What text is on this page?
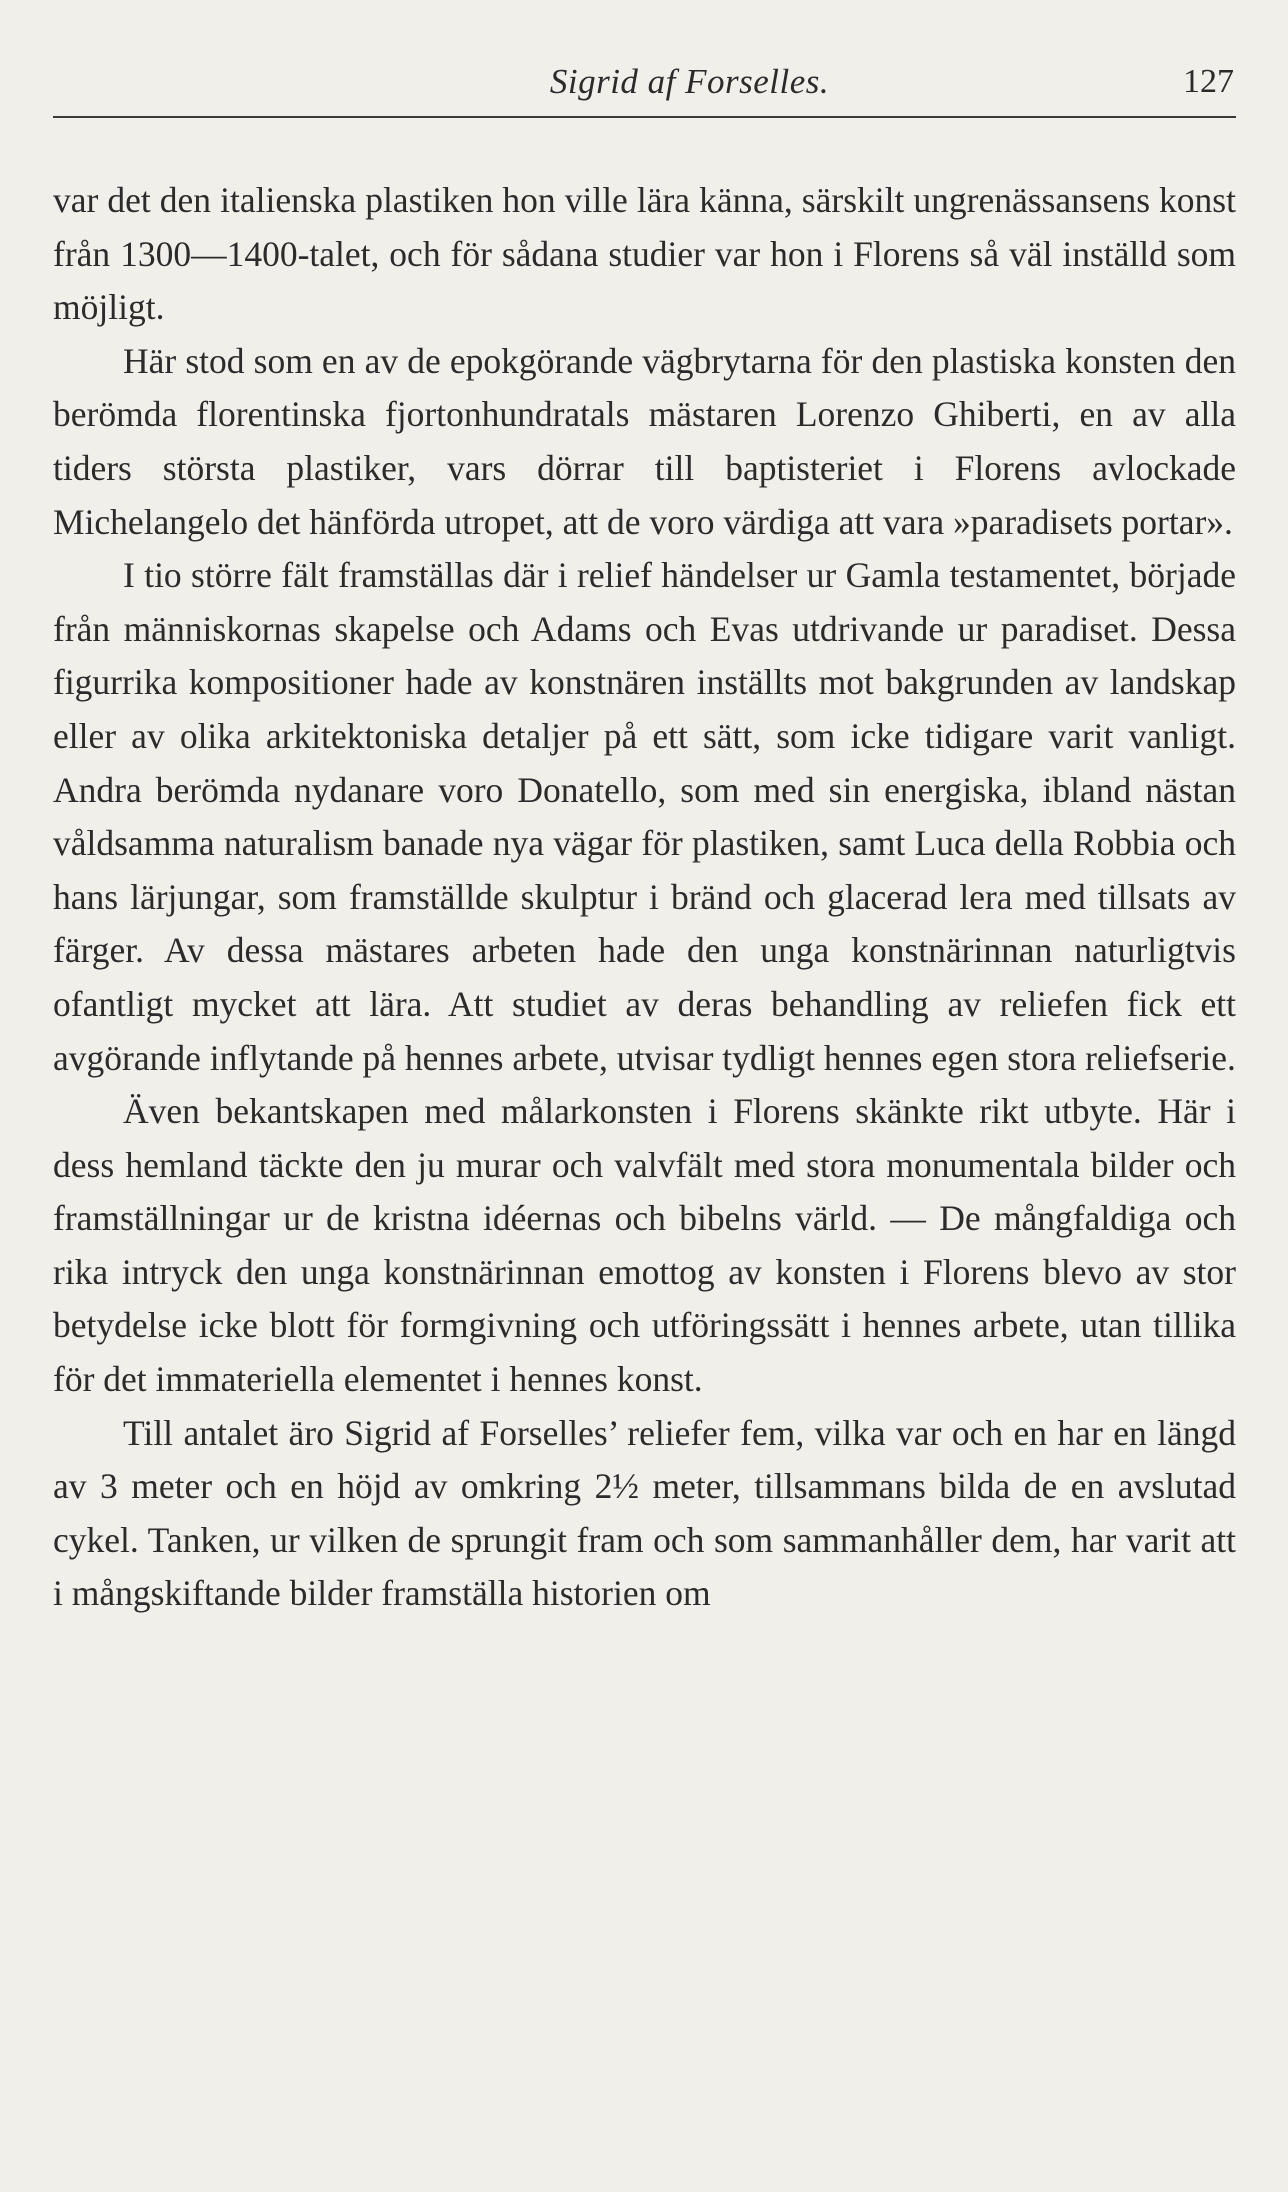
Sigrid af Forselles.	127

var det den italienska plastiken hon ville lära känna, särskilt ungrenässansens konst från 1300—1400-talet, och för sådana studier var hon i Florens så väl inställd som möjligt.

Här stod som en av de epokgörande vägbrytarna för den plastiska konsten den berömda florentinska fjortonhundratals mästaren Lorenzo Ghiberti, en av alla tiders största plastiker, vars dörrar till baptisteriet i Florens avlockade Michelangelo det hänförda utropet, att de voro värdiga att vara »paradisets portar».

I tio större fält framställas där i relief händelser ur Gamla testamentet, började från människornas skapelse och Adams och Evas utdrivande ur paradiset. Dessa figurrika kompositioner hade av konstnären inställts mot bakgrunden av landskap eller av olika arkitektoniska detaljer på ett sätt, som icke tidigare varit vanligt. Andra berömda nydanare voro Donatello, som med sin energiska, ibland nästan våldsamma naturalism banade nya vägar för plastiken, samt Luca della Robbia och hans lärjungar, som framställde skulptur i bränd och glacerad lera med tillsats av färger. Av dessa mästares arbeten hade den unga konstnärinnan naturligtvis ofantligt mycket att lära. Att studiet av deras behandling av reliefen fick ett avgörande inflytande på hennes arbete, utvisar tydligt hennes egen stora reliefserie.

Även bekantskapen med målarkonsten i Florens skänkte rikt utbyte. Här i dess hemland täckte den ju murar och valvfält med stora monumentala bilder och framställningar ur de kristna idéernas och bibelns värld. — De mångfaldiga och rika intryck den unga konstnärinnan emottog av konsten i Florens blevo av stor betydelse icke blott för formgivning och utföringssätt i hennes arbete, utan tillika för det immateriella elementet i hennes konst.

Till antalet äro Sigrid af Forselles’ reliefer fem, vilka var och en har en längd av 3 meter och en höjd av omkring 2½ meter, tillsammans bilda de en avslutad cykel. Tanken, ur vilken de sprungit fram och som sammanhåller dem, har varit att i mångskiftande bilder framställa historien om
